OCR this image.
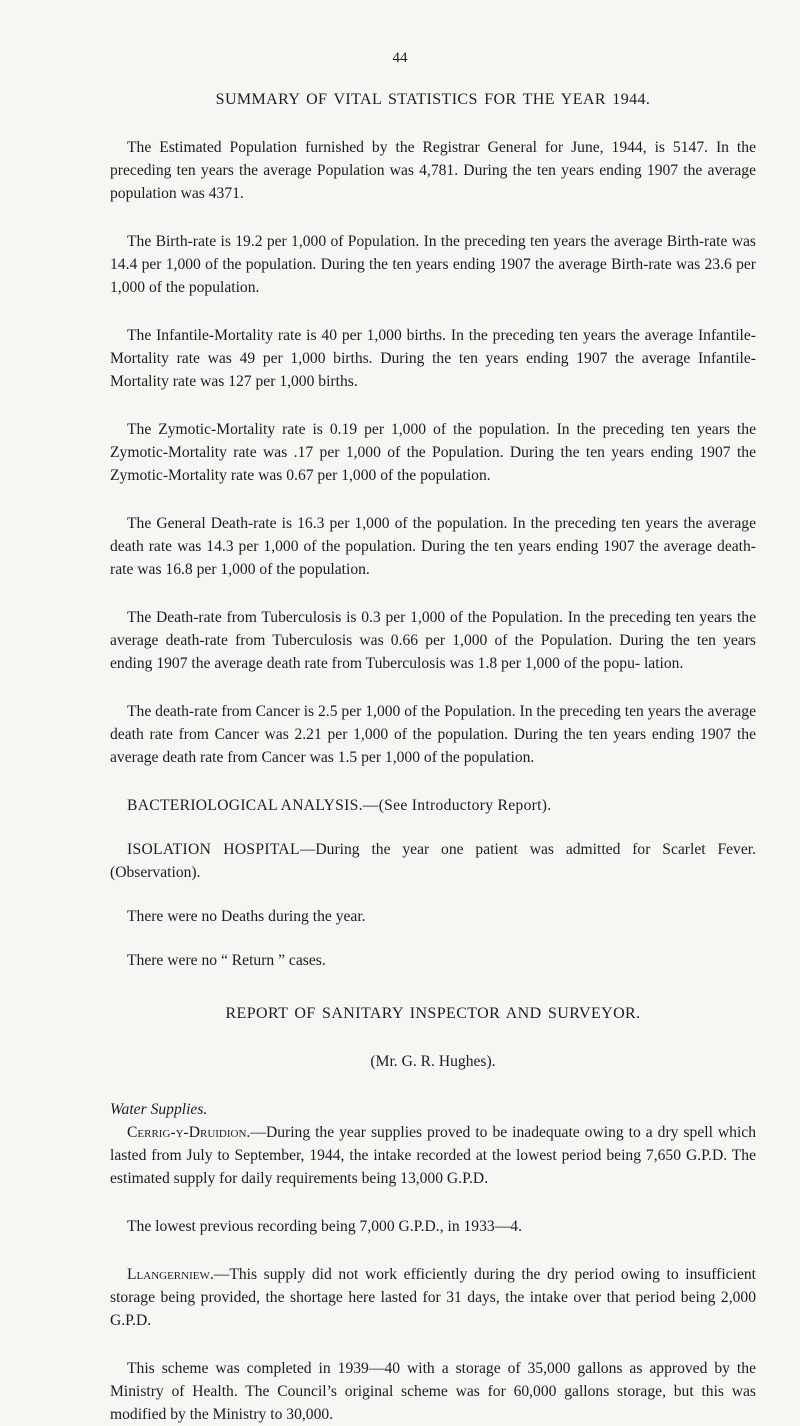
44

SUMMARY OF VITAL STATISTICS FOR THE YEAR 1944.

The Estimated Population furnished by the Registrar General for June, 1944, is 5147. In the preceding ten years the average Population was 4,781. During the ten years ending 1907 the average population was 4371.

The Birth-rate is 19.2 per 1,000 of Population. In the preceding ten years the average Birth-rate was 14.4 per 1,000 of the population. During the ten years ending 1907 the average Birth-rate was 23.6 per 1,000 of the population.

The Infantile-Mortality rate is 40 per 1,000 births. In the preceding ten years the average Infantile-Mortality rate was 49 per 1,000 births. During the ten years ending 1907 the average Infantile-Mortality rate was 127 per 1,000 births.

The Zymotic-Mortality rate is 0.19 per 1,000 of the population. In the preceding ten years the Zymotic-Mortality rate was .17 per 1,000 of the Population. During the ten years ending 1907 the Zymotic-Mortality rate was 0.67 per 1,000 of the population.

The General Death-rate is 16.3 per 1,000 of the population. In the preceding ten years the average death rate was 14.3 per 1,000 of the population. During the ten years ending 1907 the average death-rate was 16.8 per 1,000 of the population.

The Death-rate from Tuberculosis is 0.3 per 1,000 of the Population. In the preceding ten years the average death-rate from Tuberculosis was 0.66 per 1,000 of the Population. During the ten years ending 1907 the average death rate from Tuberculosis was 1.8 per 1,000 of the popu- lation.

The death-rate from Cancer is 2.5 per 1,000 of the Population. In the preceding ten years the average death rate from Cancer was 2.21 per 1,000 of the population. During the ten years ending 1907 the average death rate from Cancer was 1.5 per 1,000 of the population.

BACTERIOLOGICAL ANALYSIS.—(See Introductory Report).

ISOLATION HOSPITAL—During the year one patient was admitted for Scarlet Fever. (Observation).

There were no Deaths during the year.

There were no “ Return ” cases.

REPORT OF SANITARY INSPECTOR AND SURVEYOR.

(Mr. G. R. Hughes).

Water Supplies.

Cerrig-y-Druidion.—During the year supplies proved to be inadequate owing to a dry spell which lasted from July to September, 1944, the intake recorded at the lowest period being 7,650 G.P.D. The estimated supply for daily requirements being 13,000 G.P.D.

The lowest previous recording being 7,000 G.P.D., in 1933—4.

Llangerniew.—This supply did not work efficiently during the dry period owing to insufficient storage being provided, the shortage here lasted for 31 days, the intake over that period being 2,000 G.P.D.

This scheme was completed in 1939—40 with a storage of 35,000 gallons as approved by the Ministry of Health. The Council’s original scheme was for 60,000 gallons storage, but this was modified by the Ministry to 30,000.
